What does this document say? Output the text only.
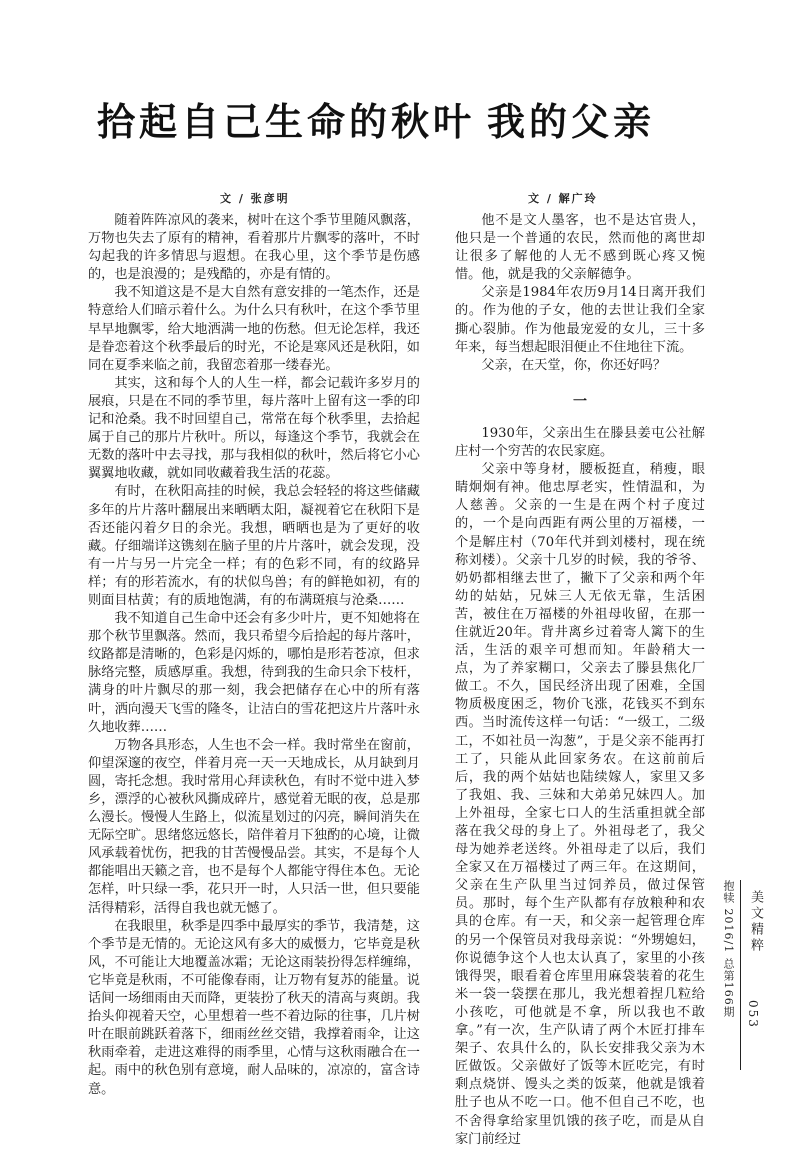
拾起自己生命的秋叶 我的父亲
文 / 张彦明	文 / 解广玲

随着阵阵凉风的袭来，树叶在这个季节里随风飘落，万物也失去了原有的精神，看着那片片飘零的落叶，不时勾起我的许多情思与遐想。在我心里，这个季节是伤感的，也是浪漫的；是残酷的，亦是有情的。

我不知道这是不是大自然有意安排的一笔杰作，还是特意给人们暗示着什么。为什么只有秋叶，在这个季节里早早地飘零，给大地洒满一地的伤愁。但无论怎样，我还是眷恋着这个秋季最后的时光，不论是寒风还是秋阳，如同在夏季来临之前，我留恋着那一缕春光。

其实，这和每个人的人生一样，都会记载许多岁月的展痕，只是在不同的季节里，每片落叶上留有这一季的印记和沧桑。我不时回望自己，常常在每个秋季里，去拾起属于自己的那片片秋叶。所以，每逢这个季节，我就会在无数的落叶中去寻找，那与我相似的秋叶，然后将它小心翼翼地收藏，就如同收藏着我生活的花蕊。

有时，在秋阳高挂的时候，我总会轻轻的将这些储藏多年的片片落叶翻展出来晒晒太阳，凝视着它在秋阳下是否还能闪着夕日的余光。我想，晒晒也是为了更好的收藏。仔细端详这镌刻在脑子里的片片落叶，就会发现，没有一片与另一片完全一样；有的色彩不同，有的纹路异样；有的形若流水，有的状似鸟兽；有的鲜艳如初，有的则面目枯黄；有的质地饱满，有的布满斑痕与沧桑……

我不知道自己生命中还会有多少叶片，更不知她将在那个秋节里飘落。然而，我只希望今后拾起的每片落叶，纹路都是清晰的，色彩是闪烁的，哪怕是形若苍凉，但求脉络完整，质感厚重。我想，待到我的生命只余下枝杆，满身的叶片飘尽的那一刻，我会把储存在心中的所有落叶，洒向漫天飞雪的隆冬，让洁白的雪花把这片片落叶永久地收葬……

万物各具形态，人生也不会一样。我时常坐在窗前，仰望深邃的夜空，伴着月亮一天一天地成长，从月缺到月圆，寄托念想。我时常用心拜读秋色，有时不觉中进入梦乡，漂浮的心被秋风撕成碎片，感觉着无眠的夜，总是那么漫长。慢慢人生路上，似流星划过的闪亮，瞬间消失在无际空旷。思绪悠远悠长，陪伴着月下独酌的心境，让微风承载着忧伤，把我的甘苦慢慢品尝。其实，不是每个人都能唱出天籁之音，也不是每个人都能守得住本色。无论怎样，叶只绿一季，花只开一时，人只活一世，但只要能活得精彩，活得自我也就无憾了。

在我眼里，秋季是四季中最厚实的季节，我清楚，这个季节是无情的。无论这风有多大的威慑力，它毕竟是秋风，不可能让大地覆盖冰霜；无论这雨装扮得怎样缠绵，它毕竟是秋雨，不可能像春雨，让万物有复苏的能量。说话间一场细雨由天而降，更装扮了秋天的清高与爽朗。我抬头仰视着天空，心里想着一些不着边际的往事，几片树叶在眼前跳跃着落下，细雨丝丝交错，我撑着雨伞，让这秋雨牵着，走进这难得的雨季里，心情与这秋雨融合在一起。雨中的秋色别有意境，耐人品味的，凉凉的，富含诗意。

他不是文人墨客，也不是达官贵人，他只是一个普通的农民，然而他的离世却让很多了解他的人无不感到既心疼又惋惜。他，就是我的父亲解德争。

父亲是1984年农历9月14日离开我们的。作为他的子女，他的去世让我们全家撕心裂肺。作为他最宠爱的女儿，三十多年来，每当想起眼泪便止不住地往下流。

父亲，在天堂，你，你还好吗？

一

1930年，父亲出生在滕县姜屯公社解庄村一个穷苦的农民家庭。

父亲中等身材，腰板挺直，稍瘦，眼睛炯炯有神。他忠厚老实，性情温和，为人慈善。父亲的一生是在两个村子度过的，一个是向西距有两公里的万福楼，一个是解庄村（70年代并到刘楼村，现在统称刘楼）。父亲十几岁的时候，我的爷爷、奶奶都相继去世了，撇下了父亲和两个年幼的姑姑，兄妹三人无依无靠，生活困苦，被住在万福楼的外祖母收留，在那一住就近20年。背井离乡过着寄人篱下的生活，生活的艰辛可想而知。年龄稍大一点，为了养家糊口，父亲去了滕县焦化厂做工。不久，国民经济出现了困难，全国物质极度困乏，物价飞涨，花钱买不到东西。当时流传这样一句话：“一级工，二级工，不如社员一沟葱”，于是父亲不能再打工了，只能从此回家务农。在这前前后后，我的两个姑姑也陆续嫁人，家里又多了我姐、我、三妹和大弟弟兄妹四人。加上外祖母，全家七口人的生活重担就全部落在我父母的身上了。外祖母老了，我父母为她养老送终。外祖母走了以后，我们全家又在万福楼过了两三年。在这期间，父亲在生产队里当过饲养员，做过保管员。那时，每个生产队都有存放粮种和农具的仓库。有一天，和父亲一起管理仓库的另一个保管员对我母亲说：“外甥媳妇，你说德争这个人也太认真了，家里的小孩饿得哭，眼看着仓库里用麻袋装着的花生米一袋一袋摆在那儿，我光想着捏几粒给小孩吃，可他就是不拿，所以我也不敢拿。”有一次，生产队请了两个木匠打排车架子、农具什么的，队长安排我父亲为木匠做饭。父亲做好了饭等木匠吃完，有时剩点烧饼、馒头之类的饭菜，他就是饿着肚子也从不吃一口。他不但自己不吃，也不舍得拿给家里饥饿的孩子吃，而是从自家门前经过

抱犊 2016/1 总第166期 美文精粹
053
